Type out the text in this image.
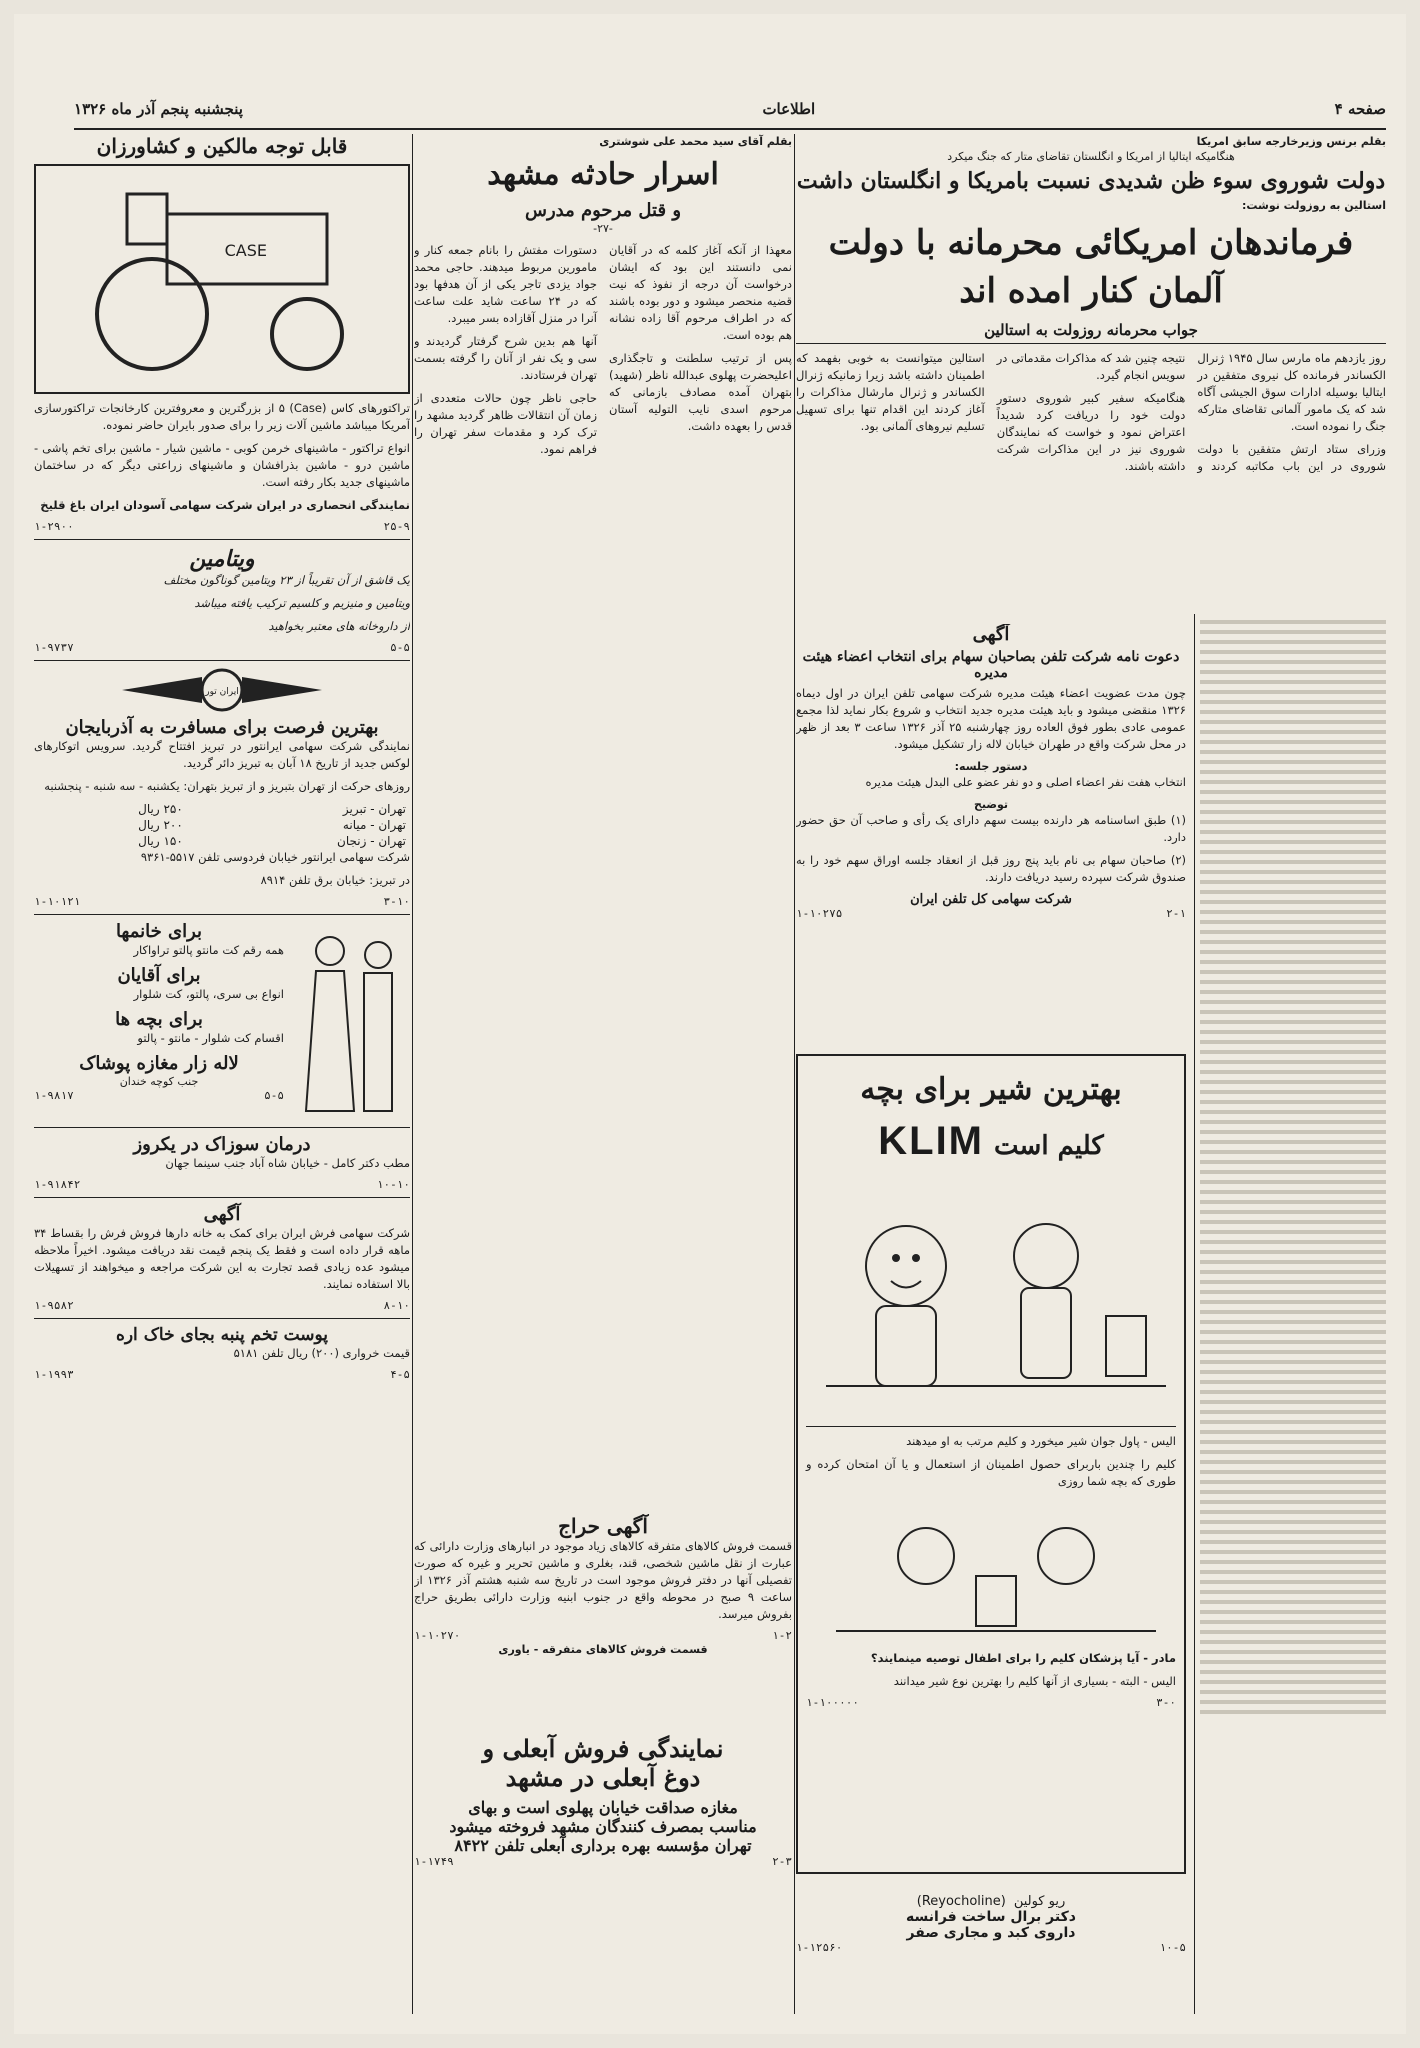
صفحه ۴
اطلاعات
پنجشنبه پنجم آذر ماه ۱۳۲۶
بقلم برنس وزیرخارجه سابق امریکا
هنگامیکه ایتالیا از امریکا و انگلستان تقاضای متار که جنگ میکرد
دولت شوروی سوء ظن شدیدی نسبت بامریکا و انگلستان داشت
استالین به روزولت نوشت:
فرماندهان امریکائی محرمانه با دولت آلمان کنار امده اند
جواب محرمانه روزولت به استالین

روز یازدهم ماه مارس سال ۱۹۴۵ ژنرال الکساندر فرمانده کل نیروی متفقین در ایتالیا بوسیله ادارات سوق الجیشی آگاه شد که یک مامور آلمانی تقاضای متارکه جنگ را نموده است.

وزرای ستاد ارتش متفقین با دولت شوروی در این باب مکاتبه کردند و نتیجه چنین شد که مذاکرات مقدماتی در سویس انجام گیرد.

هنگامیکه سفیر کبیر شوروی دستور دولت خود را دریافت کرد شدیداً اعتراض نمود و خواست که نمایندگان شوروی نیز در این مذاکرات شرکت داشته باشند.

استالین میتوانست به خوبی بفهمد که اطمینان داشته باشد زیرا زمانیکه ژنرال الکساندر و ژنرال مارشال مذاکرات را آغاز کردند این اقدام تنها برای تسهیل تسلیم نیروهای آلمانی بود.

آگهی
دعوت نامه شرکت تلفن بصاحبان سهام برای انتخاب اعضاء هیئت مدیره

چون مدت عضویت اعضاء هیئت مدیره شرکت سهامی تلفن ایران در اول دیماه ۱۳۲۶ منقضی میشود و باید هیئت مدیره جدید انتخاب و شروع بکار نماید لذا مجمع عمومی عادی بطور فوق العاده روز چهارشنبه ۲۵ آذر ۱۳۲۶ ساعت ۳ بعد از ظهر در محل شرکت واقع در طهران خیابان لاله زار تشکیل میشود.

دستور جلسه:

انتخاب هفت نفر اعضاء اصلی و دو نفر عضو علی البدل هیئت مدیره

توضیح

(۱) طبق اساسنامه هر دارنده بیست سهم دارای یک رأی و صاحب آن حق حضور دارد.

(۲) صاحبان سهام بی نام باید پنج روز قبل از انعقاد جلسه اوراق سهم خود را به صندوق شرکت سپرده رسید دریافت دارند.

شرکت سهامی کل تلفن ایران
۱-۱۰۲۷۵	۲-۱
بهترین شیر برای بچه
KLIM کلیم است

الیس - پاول جوان شیر میخورد و کلیم مرتب به او میدهند

کلیم را چندین باربرای حصول اطمینان از استعمال و یا آن امتحان کرده و طوری که بچه شما روزی

مادر - آیا پزشکان کلیم را برای اطفال توصیه مینمایند؟

الیس - البته - بسیاری از آنها کلیم را بهترین نوع شیر میدانند

۱-۱۰۰۰۰۰	۳-۰
ریو کولین
(Reyocholine)
دکتر برال ساخت فرانسه
داروی کبد و مجاری صفر
۱-۱۲۵۶۰	۱۰-۵
بقلم آقای سید محمد علی شوشتری
اسرار حادثه مشهد
و قتل مرحوم مدرس
-۲۷-

معهذا از آنکه آغاز کلمه که در آقایان نمی دانستند این بود که ایشان درخواست آن درجه از نفوذ که نیت قضیه منحصر میشود و دور بوده باشند که در اطراف مرحوم آقا زاده نشانه هم بوده است.

پس از ترتیب سلطنت و تاجگذاری اعلیحضرت پهلوی عبدالله ناظر (شهید) بتهران آمده مصادف بازمانی که مرحوم اسدی نایب التولیه آستان قدس را بعهده داشت.

دستورات مفتش را بانام جمعه کنار و مامورین مربوط میدهند. حاجی محمد جواد یزدی تاجر یکی از آن هدفها بود که در ۲۴ ساعت شاید علت ساعت آنرا در منزل آقازاده بسر میبرد.

آنها هم بدین شرح گرفتار گردیدند و سی و یک نفر از آنان را گرفته بسمت تهران فرستادند.

حاجی ناظر چون حالات متعددی از زمان آن انتقالات ظاهر گردید مشهد را ترک کرد و مقدمات سفر تهران را فراهم نمود.

آگهی حراج

قسمت فروش کالاهای متفرقه کالاهای زیاد موجود در انبارهای وزارت دارائی که عبارت از نقل ماشین شخصی، قند، بغلری و ماشین تحریر و غیره که صورت تفصیلی آنها در دفتر فروش موجود است در تاریخ سه شنبه هشتم آذر ۱۳۲۶ از ساعت ۹ صبح در محوطه واقع در جنوب ابنیه وزارت دارائی بطریق حراج بفروش میرسد.

۱-۱۰۲۷۰	۱-۲
قسمت فروش کالاهای متفرقه - یاوری
نمایندگی فروش آبعلی و
دوغ آبعلی در مشهد
مغازه صداقت خیابان پهلوی است و بهای
مناسب بمصرف کنندگان مشهد فروخته میشود
تهران مؤسسه بهره برداری آبعلی تلفن ۸۴۲۲
۱-۱۷۴۹	۲-۳
قابل توجه مالکین و کشاورزان
CASE

تراکتورهای کاس (Case) ۵ از بزرگترین و معروفترین کارخانجات تراکتورسازی آمریکا میباشد ماشین آلات زیر را برای صدور بایران حاضر نموده.

انواع تراکتور - ماشینهای خرمن کوبی - ماشین شیار - ماشین برای تخم پاشی - ماشین درو - ماشین بذرافشان و ماشینهای زراعتی دیگر که در ساختمان ماشینهای جدید بکار رفته است.

نمایندگی انحصاری در ایران شرکت سهامی آسودان ایران باغ قلیخ

۱-۲۹۰۰	۲۵-۹
ویتامین

یک قاشق از آن تقریباً از ۲۳ ویتامین گوناگون مختلف

ویتامین و منیزیم و کلسیم ترکیب یافته میباشد

از داروخانه های معتبر بخواهید

۱-۹۷۳۷	۵-۵
ایران تور
بهترین فرصت برای مسافرت به آذربایجان

نمایندگی شرکت سهامی ایرانتور در تبریز افتتاح گردید. سرویس اتوکارهای لوکس جدید از تاریخ ۱۸ آبان به تبریز دائر گردید.

روزهای حرکت از تهران بتبریز و از تبریز بتهران: یکشنبه - سه شنبه - پنجشنبه

تهران - تبریز	۲۵۰ ریال
تهران - میانه	۲۰۰ ریال
تهران - زنجان	۱۵۰ ریال

شرکت سهامی ایرانتور خیابان فردوسی تلفن ۵۵۱۷-۹۳۶۱

در تبریز: خیابان برق تلفن ۸۹۱۴

۱-۱۰۱۲۱	۳-۱۰
برای خانمها

همه رقم کت مانتو پالتو تراواکار

برای آقایان

انواع بی سری، پالتو، کت شلوار

برای بچه ها

اقسام کت شلوار - مانتو - پالتو

لاله زار مغازه پوشاک
جنب کوچه خندان
۱-۹۸۱۷	۵-۵
درمان سوزاک در یکروز

مطب دکتر کامل - خیابان شاه آباد جنب سینما جهان

۱-۹۱۸۴۲	۱۰-۱۰
آگهی

شرکت سهامی فرش ایران برای کمک به خانه دارها فروش فرش را بقساط ۳۴ ماهه قرار داده است و فقط یک پنجم قیمت نقد دریافت میشود. اخیراً ملاحظه میشود عده زیادی قصد تجارت به این شرکت مراجعه و میخواهند از تسهیلات بالا استفاده نمایند.

۱-۹۵۸۲	۸-۱۰
پوست تخم پنبه بجای خاک اره

قیمت خرواری (۲۰۰) ریال تلفن ۵۱۸۱

۱-۱۹۹۳	۴-۵
